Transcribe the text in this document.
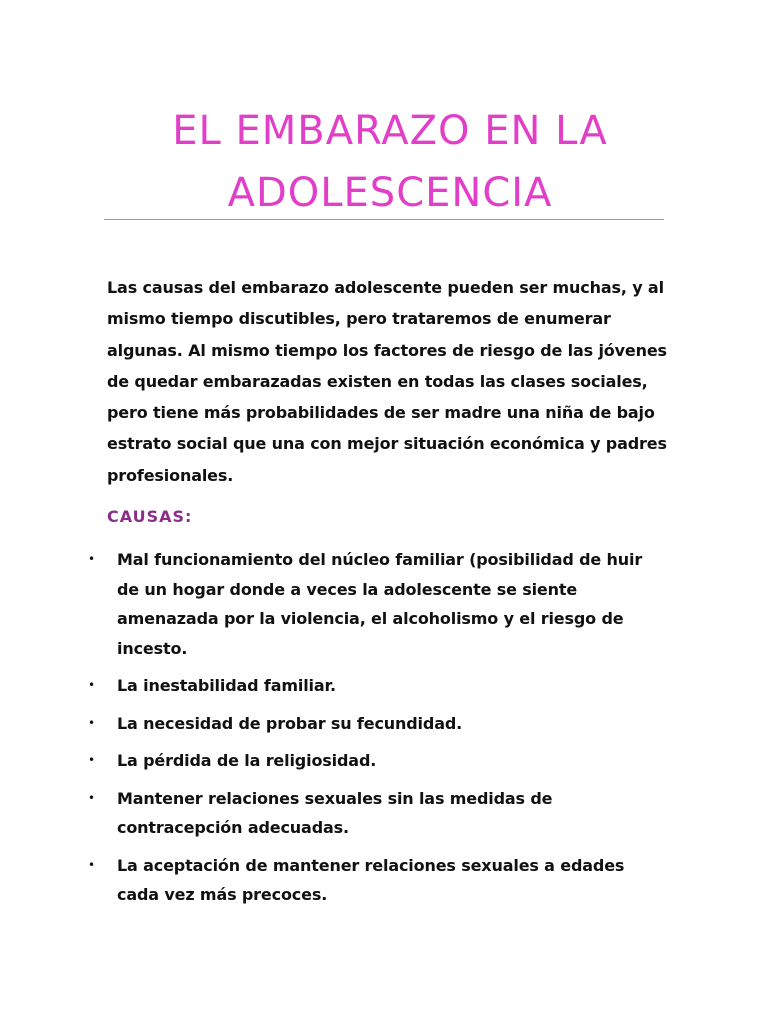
EL EMBARAZO EN LA
ADOLESCENCIA

Las causas del embarazo adolescente pueden ser muchas, y al mismo tiempo discutibles, pero trataremos de enumerar algunas. Al mismo tiempo los factores de riesgo de las jóvenes de quedar embarazadas existen en todas las clases sociales, pero tiene más probabilidades de ser madre una niña de bajo estrato social que una con mejor situación económica y padres profesionales.

CAUSAS:
• Mal funcionamiento del núcleo familiar (posibilidad de huir de un hogar donde a veces la adolescente se siente amenazada por la violencia, el alcoholismo y el riesgo de incesto.
• La inestabilidad familiar.
• La necesidad de probar su fecundidad.
• La pérdida de la religiosidad.
• Mantener relaciones sexuales sin las medidas de contracepción adecuadas.
• La aceptación de mantener relaciones sexuales a edades cada vez más precoces.
